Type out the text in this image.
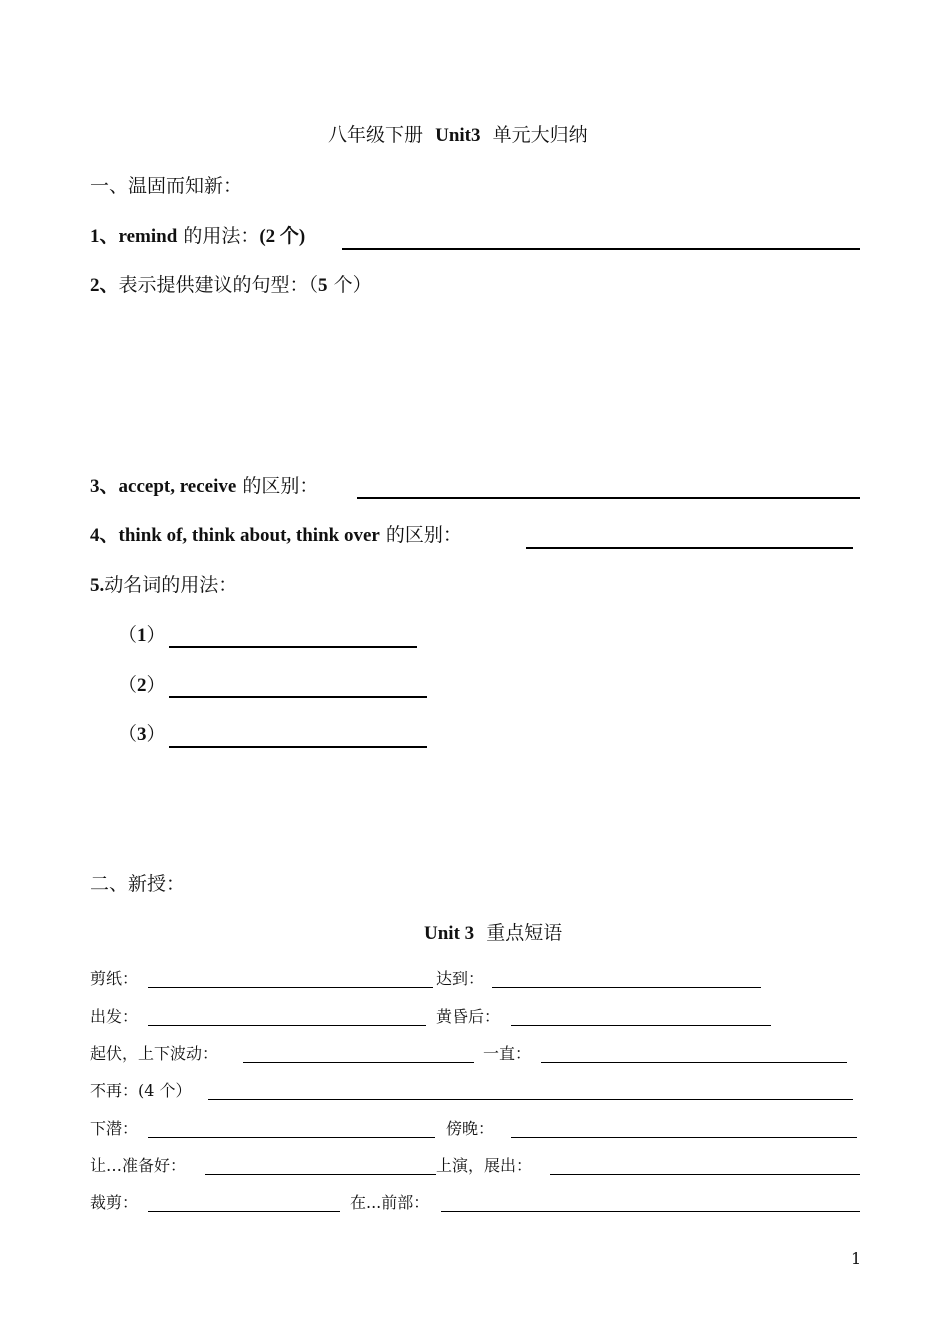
八年级下册 Unit3 单元大归纳
一、温固而知新：
1、remind 的用法：(2 个)
2、表示提供建议的句型：（5 个）
3、accept, receive 的区别：
4、think of, think about, think over 的区别：
5.动名词的用法：
（1）
（2）
（3）
二、新授：
Unit 3 重点短语
剪纸：	达到：
出发：	黄昏后：
起伏，上下波动：	一直：
不再：(4 个）
下潜：	傍晚：
让…准备好：	上演，展出：
裁剪：	在...前部：
1
